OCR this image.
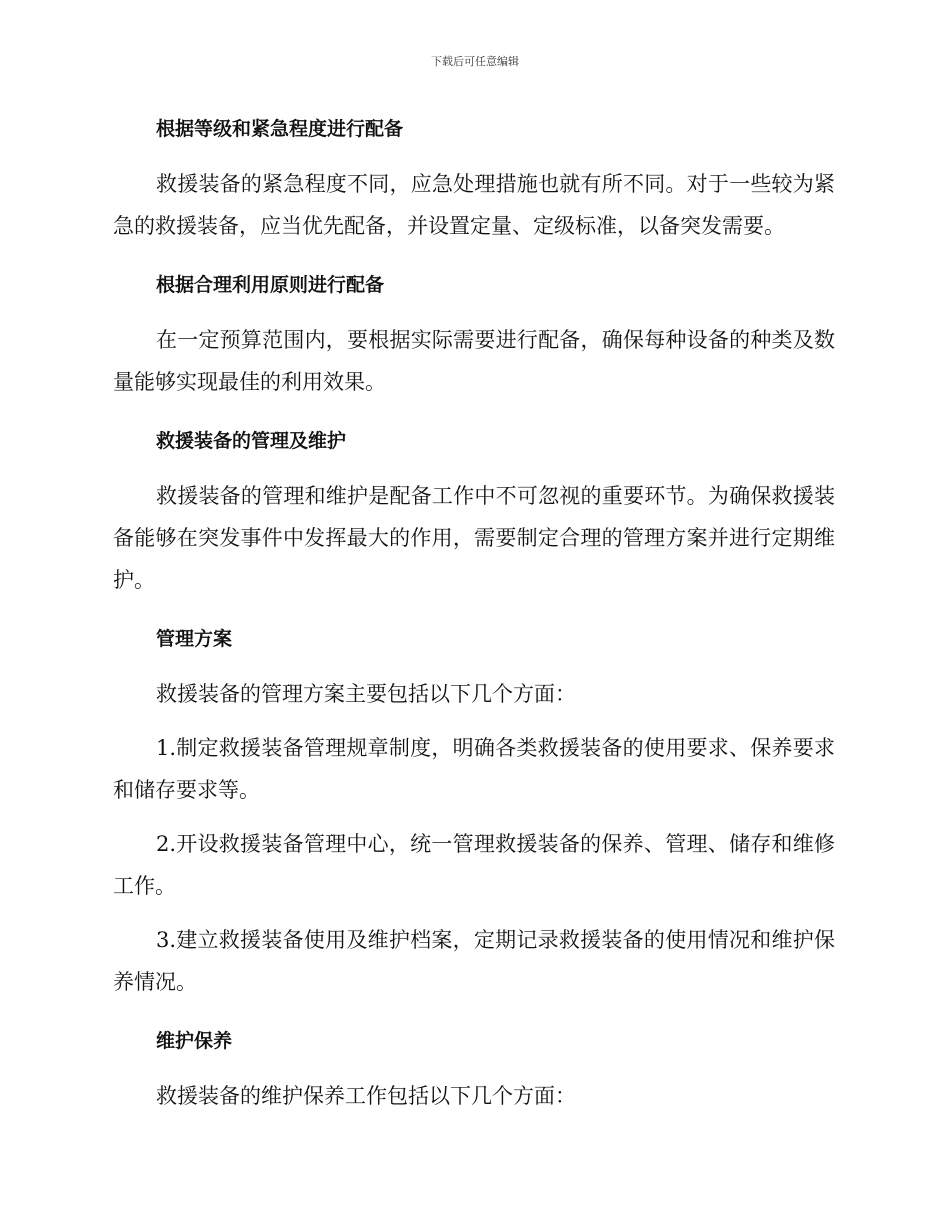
下载后可任意编辑
根据等级和紧急程度进行配备

救援装备的紧急程度不同，应急处理措施也就有所不同。对于一些较为紧急的救援装备，应当优先配备，并设置定量、定级标准，以备突发需要。

根据合理利用原则进行配备

在一定预算范围内，要根据实际需要进行配备，确保每种设备的种类及数量能够实现最佳的利用效果。

救援装备的管理及维护

救援装备的管理和维护是配备工作中不可忽视的重要环节。为确保救援装备能够在突发事件中发挥最大的作用，需要制定合理的管理方案并进行定期维护。

管理方案

救援装备的管理方案主要包括以下几个方面：

1.制定救援装备管理规章制度，明确各类救援装备的使用要求、保养要求和储存要求等。

2.开设救援装备管理中心，统一管理救援装备的保养、管理、储存和维修工作。

3.建立救援装备使用及维护档案，定期记录救援装备的使用情况和维护保养情况。

维护保养

救援装备的维护保养工作包括以下几个方面：
